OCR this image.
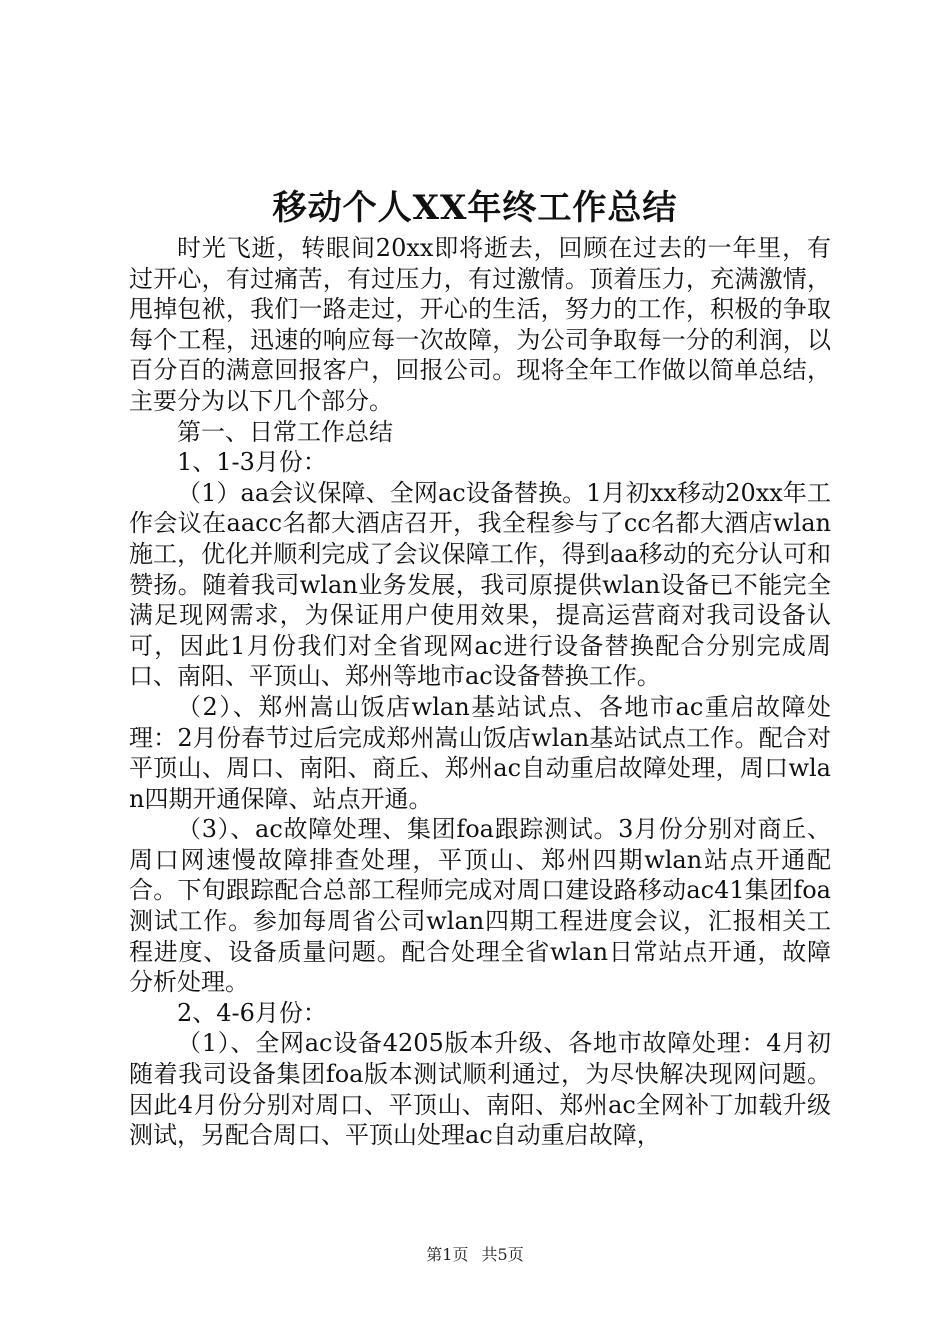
移动个人XX年终工作总结

时光飞逝，转眼间20xx即将逝去，回顾在过去的一年里，有过开心，有过痛苦，有过压力，有过激情。顶着压力，充满激情，甩掉包袱，我们一路走过，开心的生活，努力的工作，积极的争取每个工程，迅速的响应每一次故障，为公司争取每一分的利润，以百分百的满意回报客户，回报公司。现将全年工作做以简单总结，主要分为以下几个部分。

第一、日常工作总结

1、1-3月份：

（1）aa会议保障、全网ac设备替换。1月初xx移动20xx年工作会议在aacc名都大酒店召开，我全程参与了cc名都大酒店wlan施工，优化并顺利完成了会议保障工作，得到aa移动的充分认可和赞扬。随着我司wlan业务发展，我司原提供wlan设备已不能完全满足现网需求，为保证用户使用效果，提高运营商对我司设备认可，因此1月份我们对全省现网ac进行设备替换配合分别完成周口、南阳、平顶山、郑州等地市ac设备替换工作。

（2）、郑州嵩山饭店wlan基站试点、各地市ac重启故障处理：2月份春节过后完成郑州嵩山饭店wlan基站试点工作。配合对平顶山、周口、南阳、商丘、郑州ac自动重启故障处理，周口wlan四期开通保障、站点开通。

（3）、ac故障处理、集团foa跟踪测试。3月份分别对商丘、周口网速慢故障排查处理，平顶山、郑州四期wlan站点开通配合。下旬跟踪配合总部工程师完成对周口建设路移动ac41集团foa测试工作。参加每周省公司wlan四期工程进度会议，汇报相关工程进度、设备质量问题。配合处理全省wlan日常站点开通，故障分析处理。

2、4-6月份：

（1）、全网ac设备4205版本升级、各地市故障处理：4月初随着我司设备集团foa版本测试顺利通过，为尽快解决现网问题。因此4月份分别对周口、平顶山、南阳、郑州ac全网补丁加载升级测试，另配合周口、平顶山处理ac自动重启故障，

第1页 共5页
